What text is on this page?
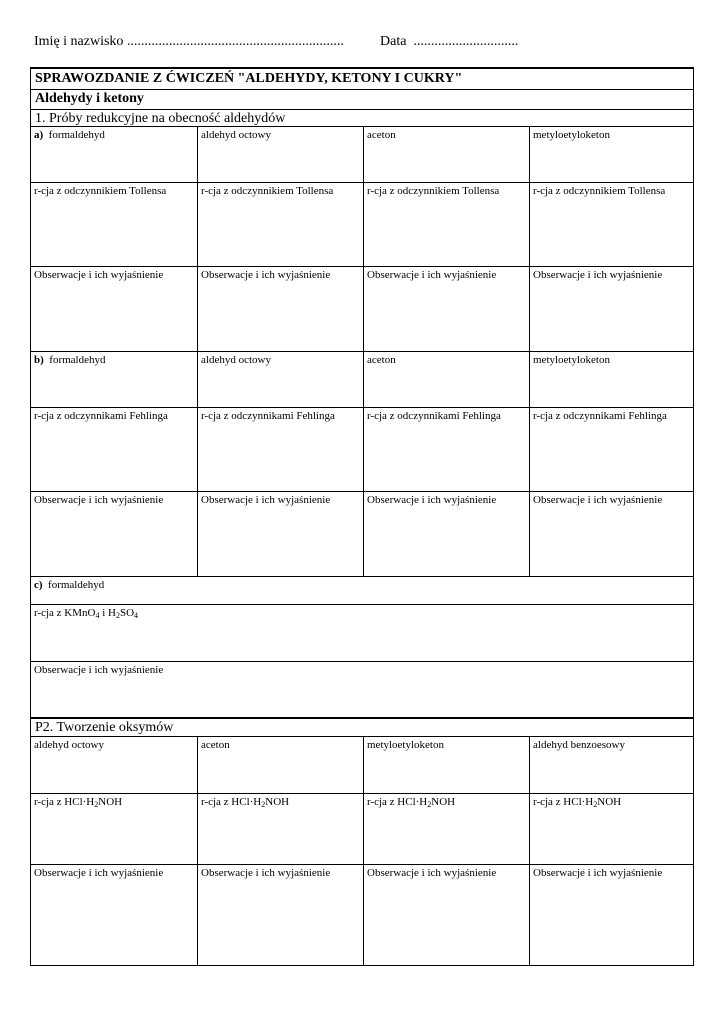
Imię i nazwisko ..............................................................	Data  ..............................
SPRAWOZDANIE Z ĆWICZEŃ "ALDEHYDY, KETONY I CUKRY"
Aldehydy i ketony
1. Próby redukcyjne na obecność aldehydów
a) formaldehyd	aldehyd octowy	aceton	metyloetyloketon
r-cja z odczynnikiem Tollensa	r-cja z odczynnikiem Tollensa	r-cja z odczynnikiem Tollensa	r-cja z odczynnikiem Tollensa
Obserwacje i ich wyjaśnienie	Obserwacje i ich wyjaśnienie	Obserwacje i ich wyjaśnienie	Obserwacje i ich wyjaśnienie
b) formaldehyd	aldehyd octowy	aceton	metyloetyloketon
r-cja z odczynnikami Fehlinga	r-cja z odczynnikami Fehlinga	r-cja z odczynnikami Fehlinga	r-cja z odczynnikami Fehlinga
Obserwacje i ich wyjaśnienie	Obserwacje i ich wyjaśnienie	Obserwacje i ich wyjaśnienie	Obserwacje i ich wyjaśnienie
c) formaldehyd
r-cja z KMnO$_4$ i $H_2SO_4$
Obserwacje i ich wyjaśnienie
P2. Tworzenie oksymów
aldehyd octowy	aceton	metyloetyloketon	aldehyd benzoesowy
r-cja z $HCl\cdot H_2NOH$	r-cja z $HCl\cdot H_2NOH$	r-cja z $HCl\cdot H_2NOH$	r-cja z $HCl\cdot H_2NOH$
Obserwacje i ich wyjaśnienie	Obserwacje i ich wyjaśnienie	Obserwacje i ich wyjaśnienie	Obserwacje i ich wyjaśnienie
